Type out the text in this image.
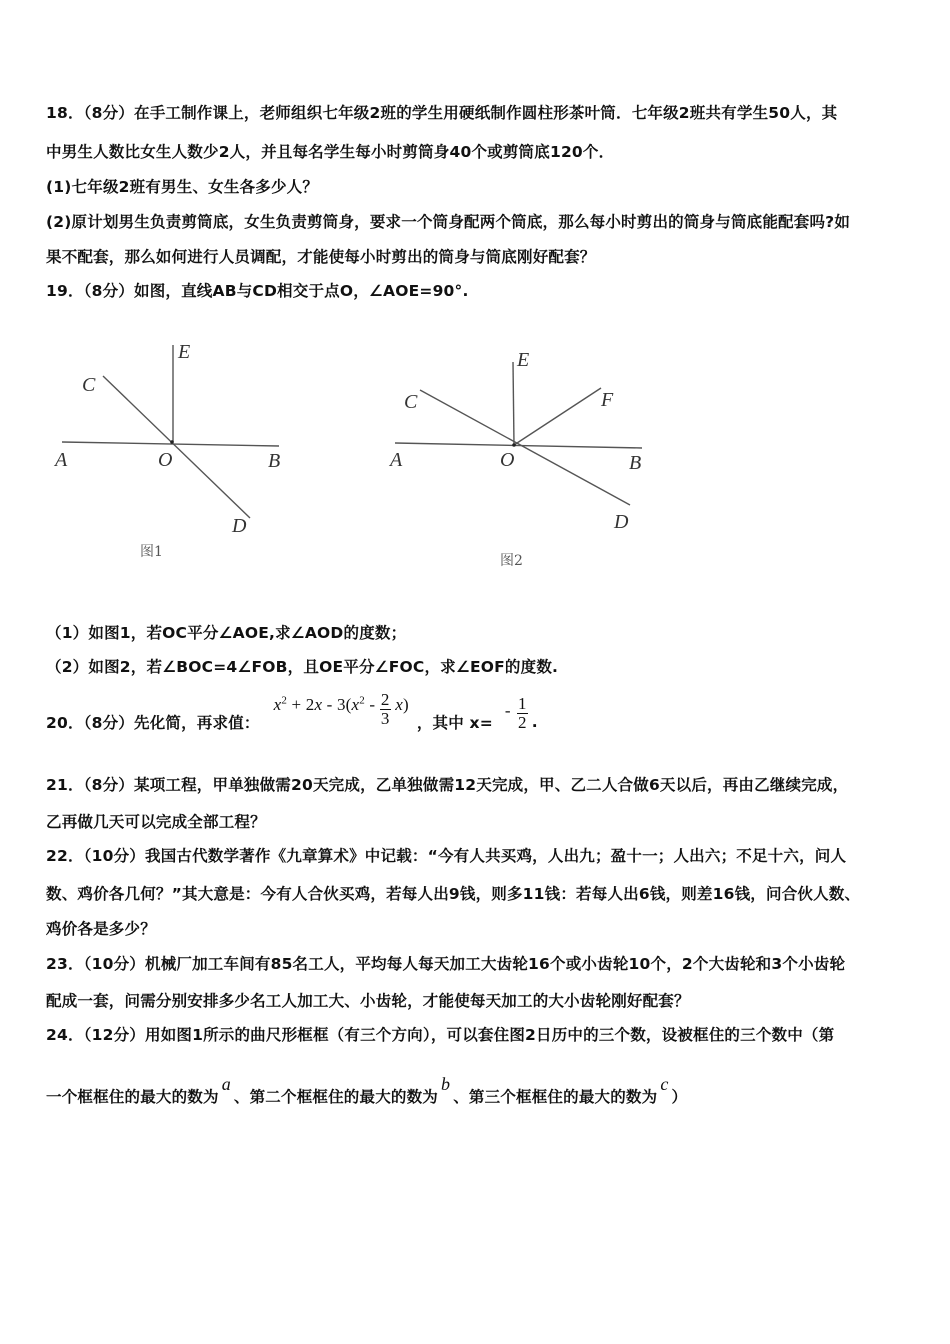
18．（8分）在手工制作课上，老师组织七年级2班的学生用硬纸制作圆柱形茶叶筒．七年级2班共有学生50人，其
中男生人数比女生人数少2人，并且每名学生每小时剪筒身40个或剪筒底120个．
(1)七年级2班有男生、女生各多少人？
(2)原计划男生负责剪筒底，女生负责剪筒身，要求一个筒身配两个筒底，那么每小时剪出的筒身与筒底能配套吗?如
果不配套，那么如何进行人员调配，才能使每小时剪出的筒身与筒底刚好配套？
19．（8分）如图，直线AB与CD相交于点O，∠AOE=90°.
E
C
A	O	B
D
图1
E
C	F
A	O	B
D
图2
（1）如图1，若OC平分∠AOE,求∠AOD的度数；
（2）如图2，若∠BOC=4∠FOB，且OE平分∠FOC，求∠EOF的度数.
20．（8分）先化简，再求值：
$x^2 + 2x - 3(x^2 - \frac{2}{3} x)$
，其中 x=
- $\frac{1}{2}$ .
21．（8分）某项工程，甲单独做需20天完成，乙单独做需12天完成，甲、乙二人合做6天以后，再由乙继续完成，
乙再做几天可以完成全部工程？
22．（10分）我国古代数学著作《九章算术》中记载：“今有人共买鸡，人出九；盈十一；人出六；不足十六，问人
数、鸡价各几何？”其大意是：今有人合伙买鸡，若每人出9钱，则多11钱：若每人出6钱，则差16钱，问合伙人数、
鸡价各是多少？
23．（10分）机械厂加工车间有85名工人，平均每人每天加工大齿轮16个或小齿轮10个，2个大齿轮和3个小齿轮
配成一套，问需分别安排多少名工人加工大、小齿轮，才能使每天加工的大小齿轮刚好配套？
24．（12分）用如图1所示的曲尺形框框（有三个方向），可以套住图2日历中的三个数，设被框住的三个数中（第
一个框框住的最大的数为a、第二个框框住的最大的数为b、第三个框框住的最大的数为c）
